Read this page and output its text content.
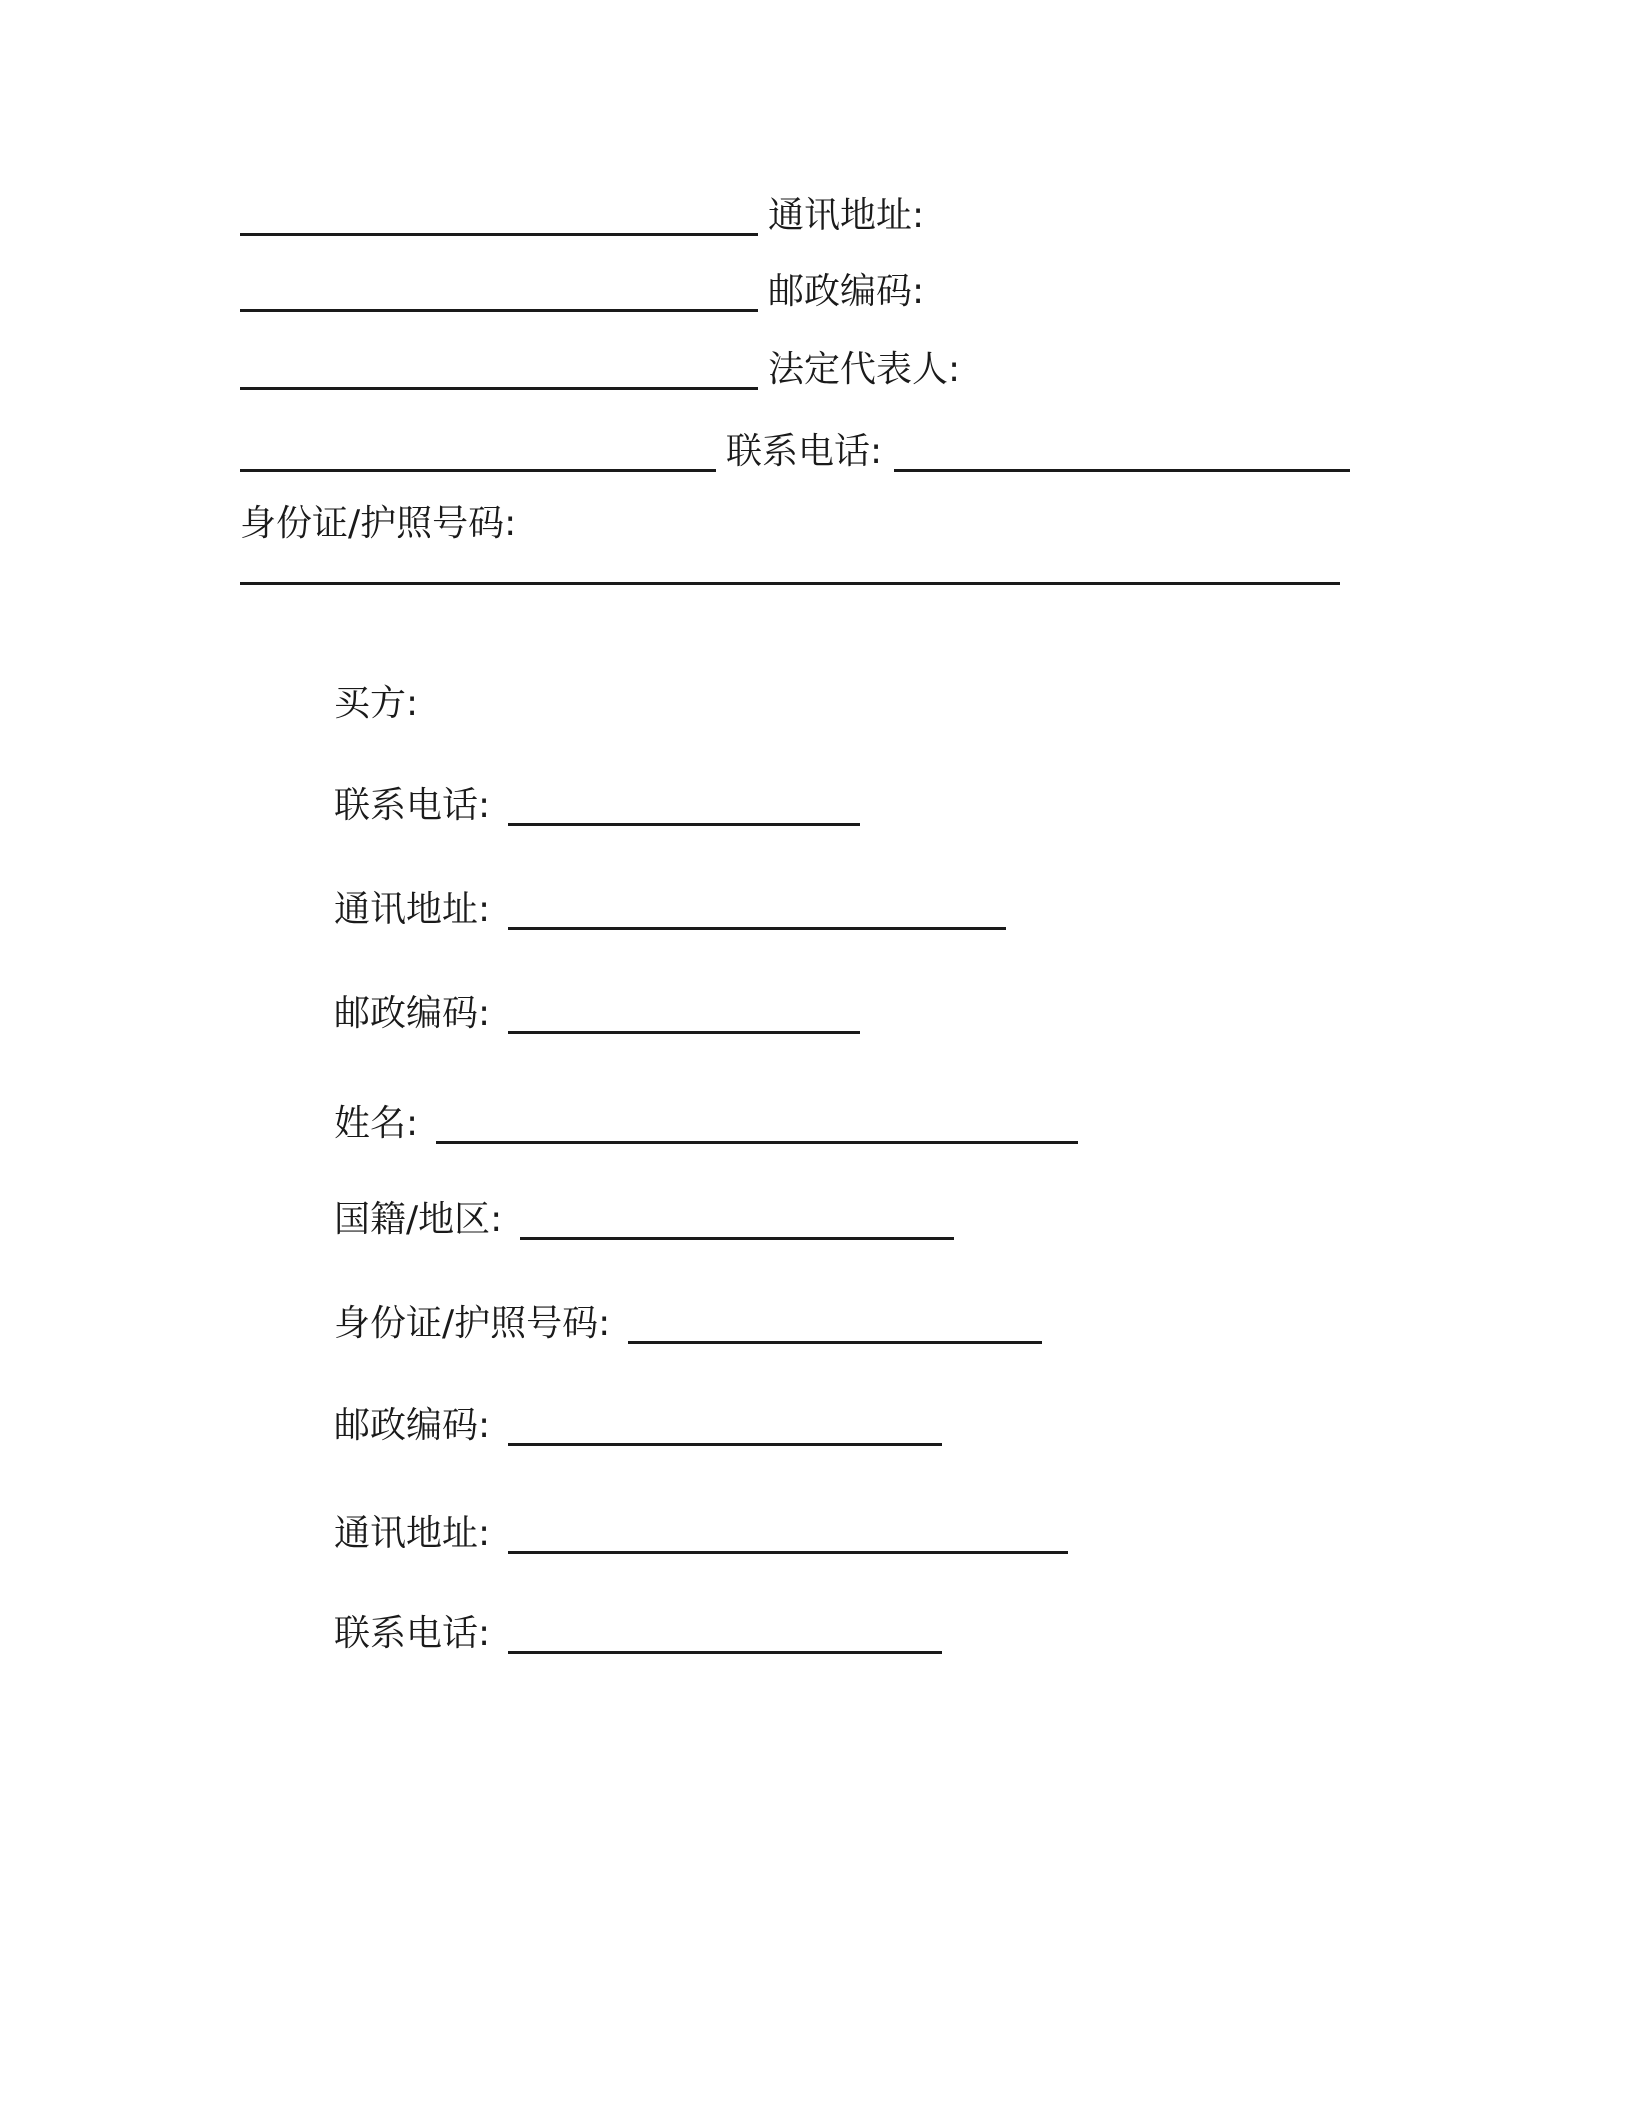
通讯地址:
邮政编码:
法定代表人:
联系电话:
身份证/护照号码:
买方:
联系电话:
通讯地址:
邮政编码:
姓名:
国籍/地区:
身份证/护照号码:
邮政编码:
通讯地址:
联系电话:
